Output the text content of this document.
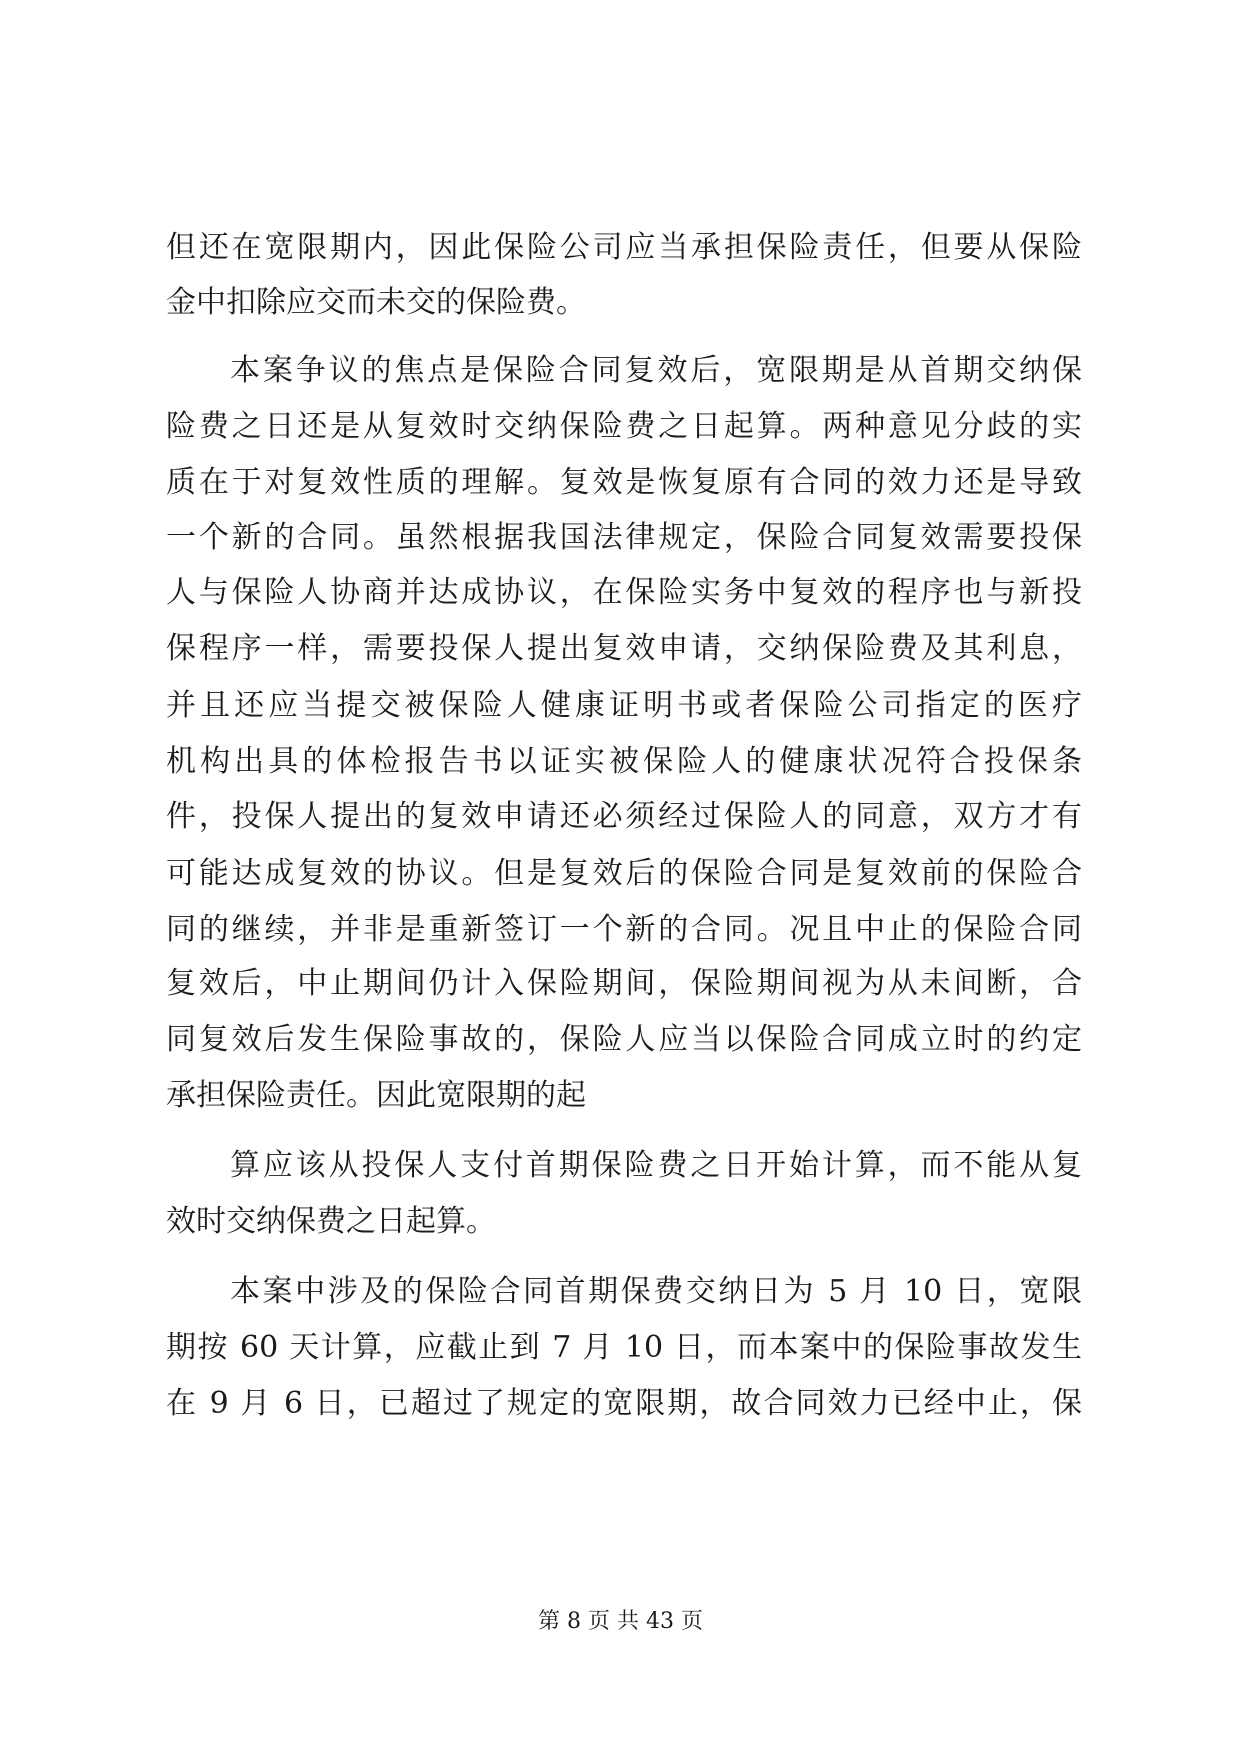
但还在宽限期内，因此保险公司应当承担保险责任，但要从保险
金中扣除应交而未交的保险费。
本案争议的焦点是保险合同复效后，宽限期是从首期交纳保
险费之日还是从复效时交纳保险费之日起算。两种意见分歧的实
质在于对复效性质的理解。复效是恢复原有合同的效力还是导致
一个新的合同。虽然根据我国法律规定，保险合同复效需要投保
人与保险人协商并达成协议，在保险实务中复效的程序也与新投
保程序一样，需要投保人提出复效申请，交纳保险费及其利息，
并且还应当提交被保险人健康证明书或者保险公司指定的医疗
机构出具的体检报告书以证实被保险人的健康状况符合投保条
件，投保人提出的复效申请还必须经过保险人的同意，双方才有
可能达成复效的协议。但是复效后的保险合同是复效前的保险合
同的继续，并非是重新签订一个新的合同。况且中止的保险合同
复效后，中止期间仍计入保险期间，保险期间视为从未间断，合
同复效后发生保险事故的，保险人应当以保险合同成立时的约定
承担保险责任。因此宽限期的起
算应该从投保人支付首期保险费之日开始计算，而不能从复
效时交纳保费之日起算。
本案中涉及的保险合同首期保费交纳日为 5 月 10 日，宽限
期按 60 天计算，应截止到 7 月 10 日，而本案中的保险事故发生
在 9 月 6 日，已超过了规定的宽限期，故合同效力已经中止，保
第 8 页 共 43 页
